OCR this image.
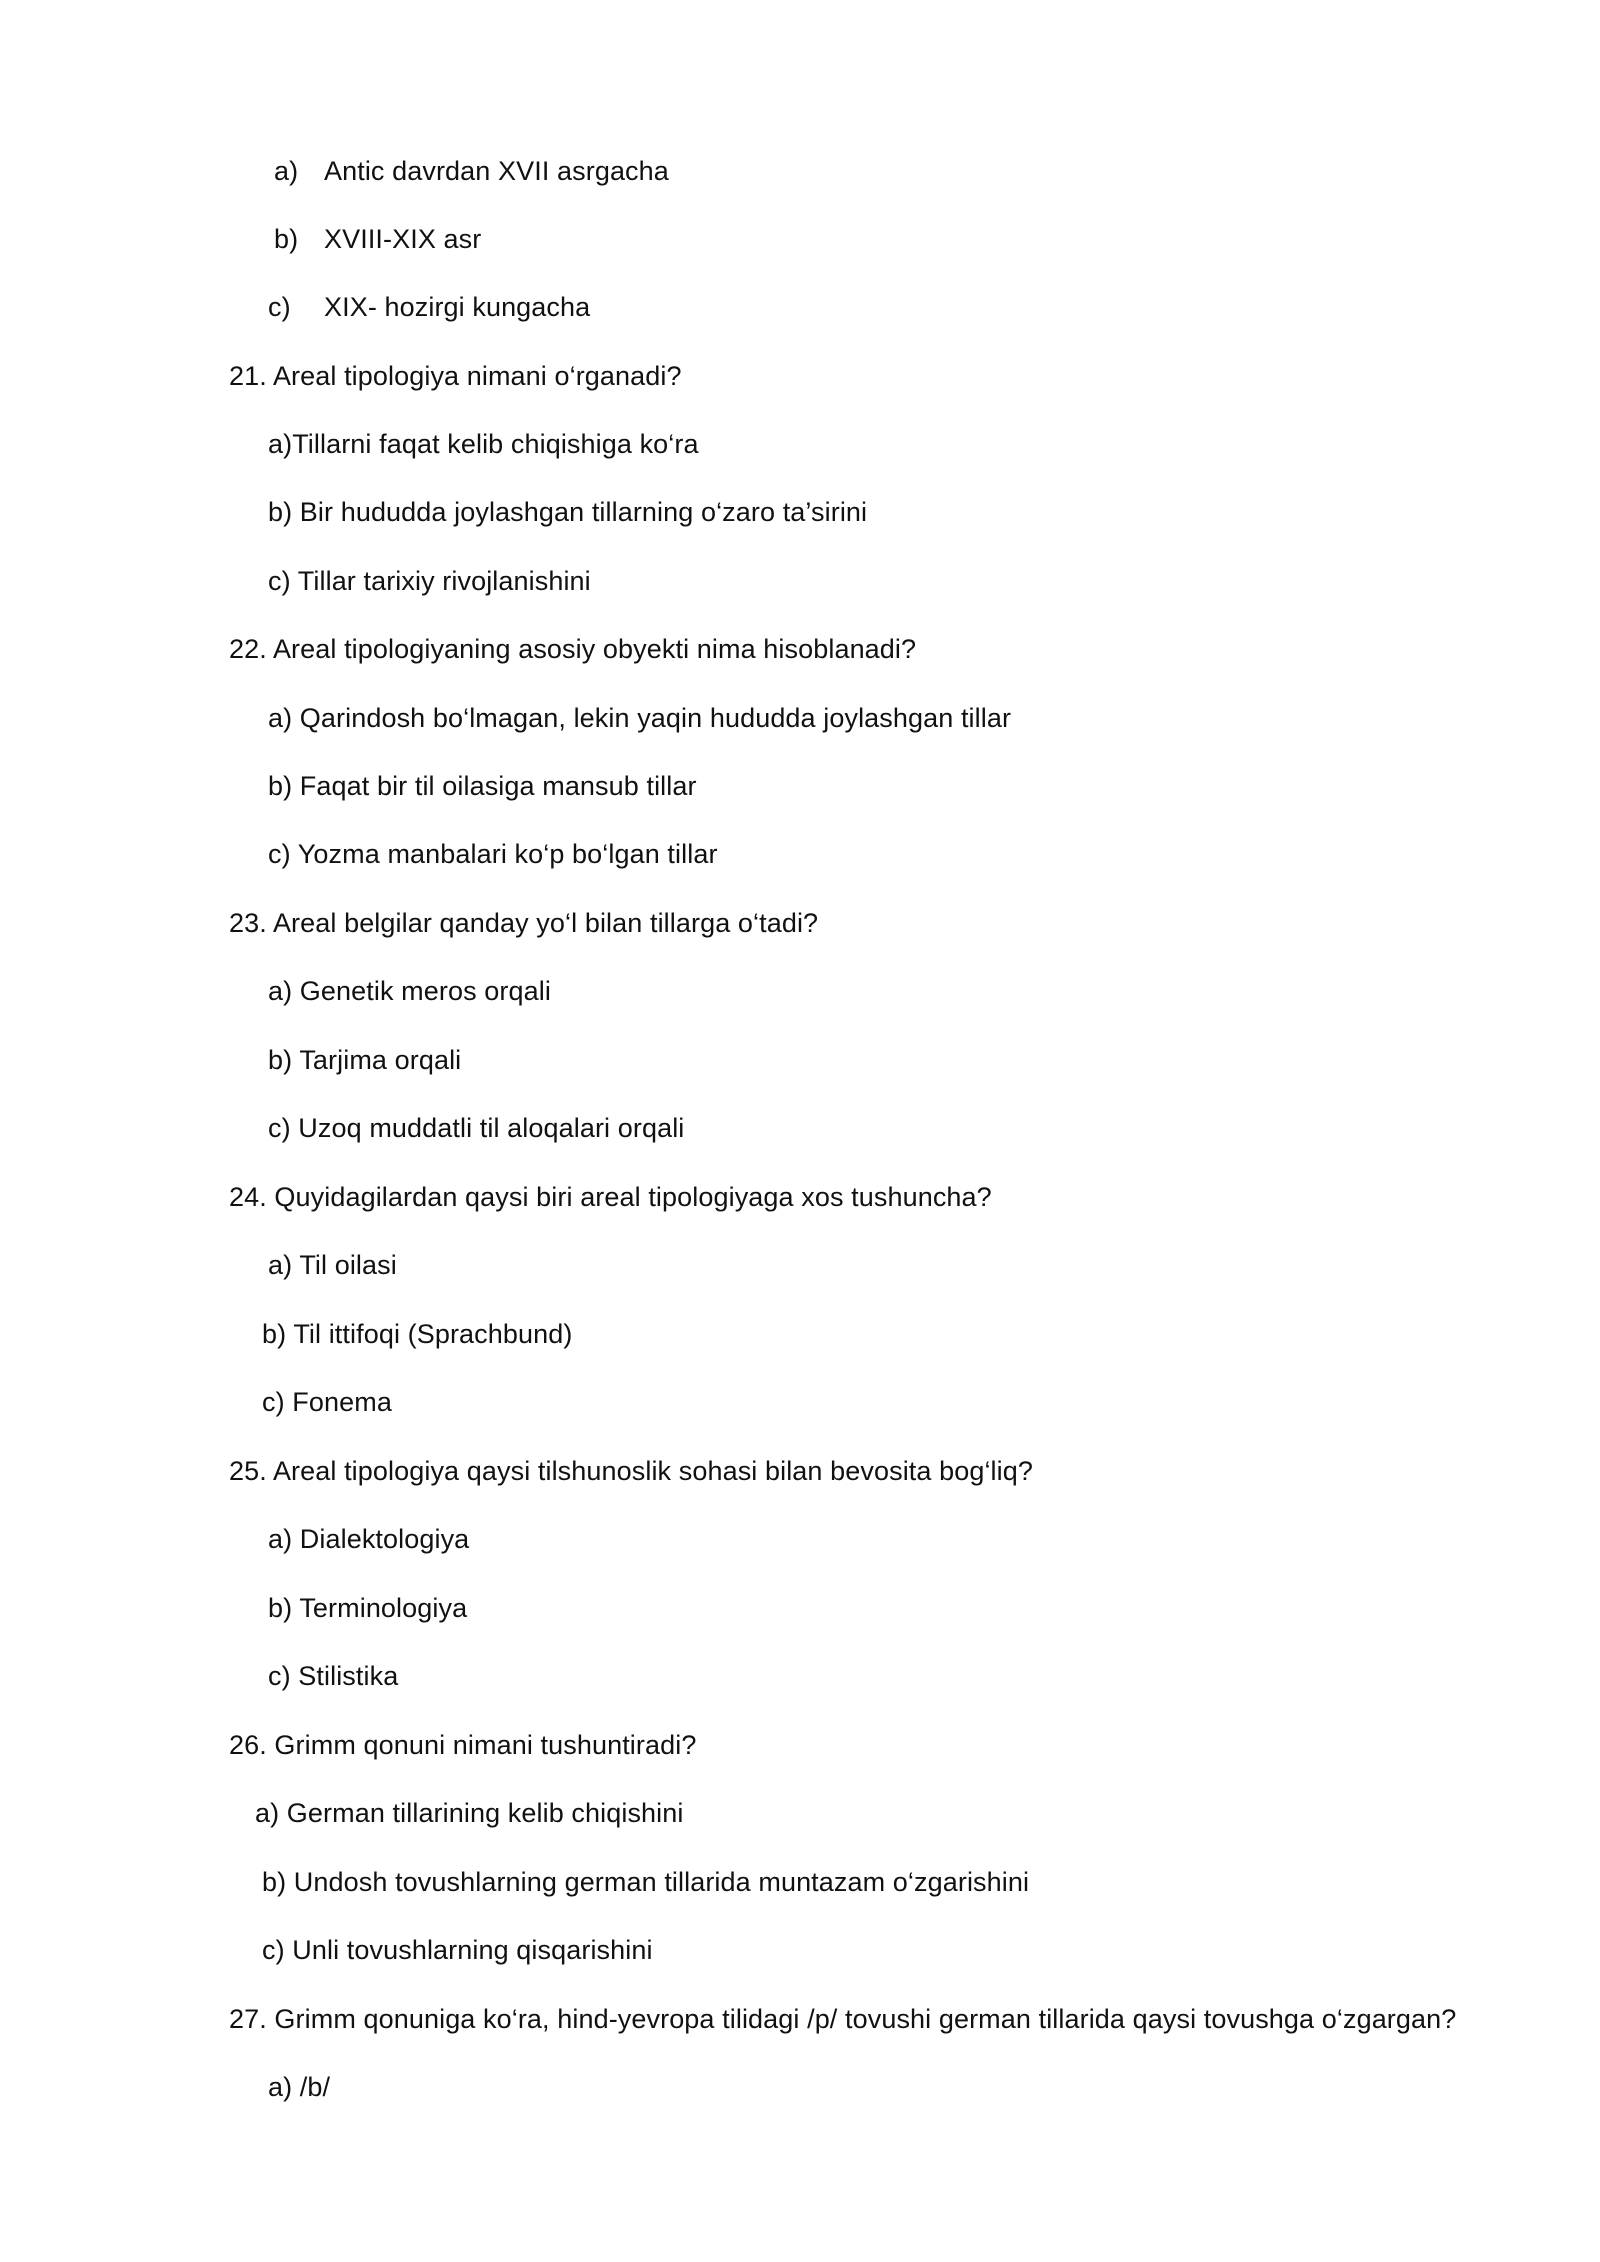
a) Antic davrdan XVII asrgacha
b) XVIII-XIX asr
c) XIX- hozirgi kungacha
21. Areal tipologiya nimani o‘rganadi?
a)Tillarni faqat kelib chiqishiga ko‘ra
b) Bir hududda joylashgan tillarning o‘zaro ta’sirini
c) Tillar tarixiy rivojlanishini
22. Areal tipologiyaning asosiy obyekti nima hisoblanadi?
a) Qarindosh bo‘lmagan, lekin yaqin hududda joylashgan tillar
b) Faqat bir til oilasiga mansub tillar
c) Yozma manbalari ko‘p bo‘lgan tillar
23. Areal belgilar qanday yo‘l bilan tillarga o‘tadi?
a) Genetik meros orqali
b) Tarjima orqali
c) Uzoq muddatli til aloqalari orqali
24. Quyidagilardan qaysi biri areal tipologiyaga xos tushuncha?
a) Til oilasi
b) Til ittifoqi (Sprachbund)
c) Fonema
25. Areal tipologiya qaysi tilshunoslik sohasi bilan bevosita bog‘liq?
a) Dialektologiya
b) Terminologiya
c) Stilistika
26. Grimm qonuni nimani tushuntiradi?
a) German tillarining kelib chiqishini
b) Undosh tovushlarning german tillarida muntazam o‘zgarishini
c) Unli tovushlarning qisqarishini
27. Grimm qonuniga ko‘ra, hind-yevropa tilidagi /p/ tovushi german tillarida qaysi tovushga o‘zgargan?
a) /b/
